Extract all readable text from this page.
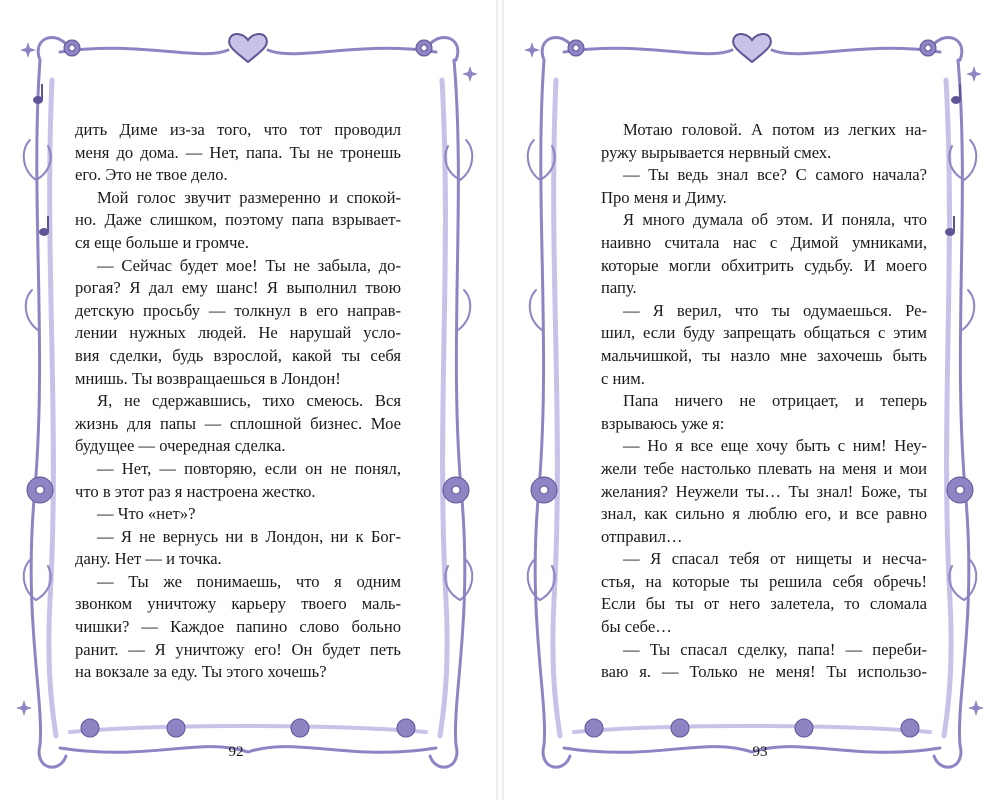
дить Диме из-за того, что тот проводил

меня до дома. — Нет, папа. Ты не тронешь

его. Это не твое дело.

Мой голос звучит размеренно и спокой-

но. Даже слишком, поэтому папа взрывает-

ся еще больше и громче.

— Сейчас будет мое! Ты не забыла, до-

рогая? Я дал ему шанс! Я выполнил твою

детскую просьбу — толкнул в его направ-

лении нужных людей. Не нарушай усло-

вия сделки, будь взрослой, какой ты себя

мнишь. Ты возвращаешься в Лондон!

Я, не сдержавшись, тихо смеюсь. Вся

жизнь для папы — сплошной бизнес. Мое

будущее — очередная сделка.

— Нет, — повторяю, если он не понял,

что в этот раз я настроена жестко.

— Что «нет»?

— Я не вернусь ни в Лондон, ни к Бог-

дану. Нет — и точка.

— Ты же понимаешь, что я одним

звонком уничтожу карьеру твоего маль-

чишки? — Каждое папино слово больно

ранит. — Я уничтожу его! Он будет петь

на вокзале за еду. Ты этого хочешь?

92

Мотаю головой. А потом из легких на-

ружу вырывается нервный смех.

— Ты ведь знал все? С самого начала?

Про меня и Диму.

Я много думала об этом. И поняла, что

наивно считала нас с Димой умниками,

которые могли обхитрить судьбу. И моего

папу.

— Я верил, что ты одумаешься. Ре-

шил, если буду запрещать общаться с этим

мальчишкой, ты назло мне захочешь быть

с ним.

Папа ничего не отрицает, и теперь

взрываюсь уже я:

— Но я все еще хочу быть с ним! Неу-

жели тебе настолько плевать на меня и мои

желания? Неужели ты… Ты знал! Боже, ты

знал, как сильно я люблю его, и все равно

отправил…

— Я спасал тебя от нищеты и несча-

стья, на которые ты решила себя обречь!

Если бы ты от него залетела, то сломала

бы себе…

— Ты спасал сделку, папа! — переби-

ваю я. — Только не меня! Ты использо-

93
